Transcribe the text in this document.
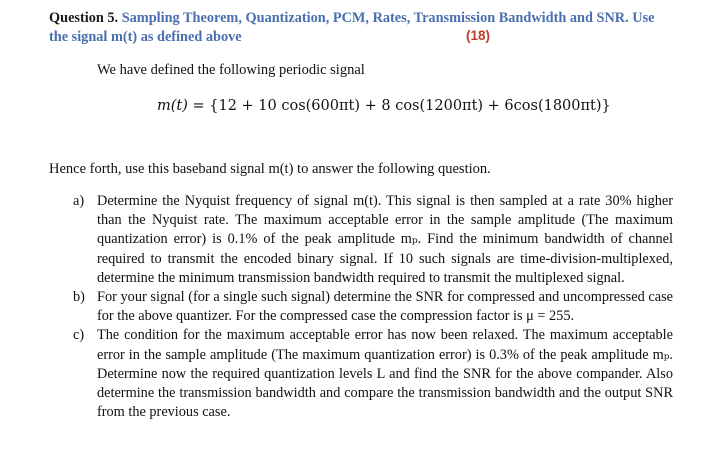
Question 5. Sampling Theorem, Quantization, PCM, Rates, Transmission Bandwidth and SNR. Use
the signal m(t) as defined above	(18)
We have defined the following periodic signal
m(t) = {12 + 10 cos(600πt) + 8 cos(1200πt) + 6cos(1800πt)}
Hence forth, use this baseband signal m(t) to answer the following question.
a) Determine the Nyquist frequency of signal m(t). This signal is then sampled at a rate 30% higher than the Nyquist rate. The maximum acceptable error in the sample amplitude (The maximum quantization error) is 0.1% of the peak amplitude mₚ. Find the minimum bandwidth of channel required to transmit the encoded binary signal. If 10 such signals are time-division-multiplexed, determine the minimum transmission bandwidth required to transmit the multiplexed signal.
b) For your signal (for a single such signal) determine the SNR for compressed and uncompressed case for the above quantizer. For the compressed case the compression factor is μ = 255.
c) The condition for the maximum acceptable error has now been relaxed. The maximum acceptable error in the sample amplitude (The maximum quantization error) is 0.3% of the peak amplitude mₚ. Determine now the required quantization levels L and find the SNR for the above compander. Also determine the transmission bandwidth and compare the transmission bandwidth and the output SNR from the previous case.
